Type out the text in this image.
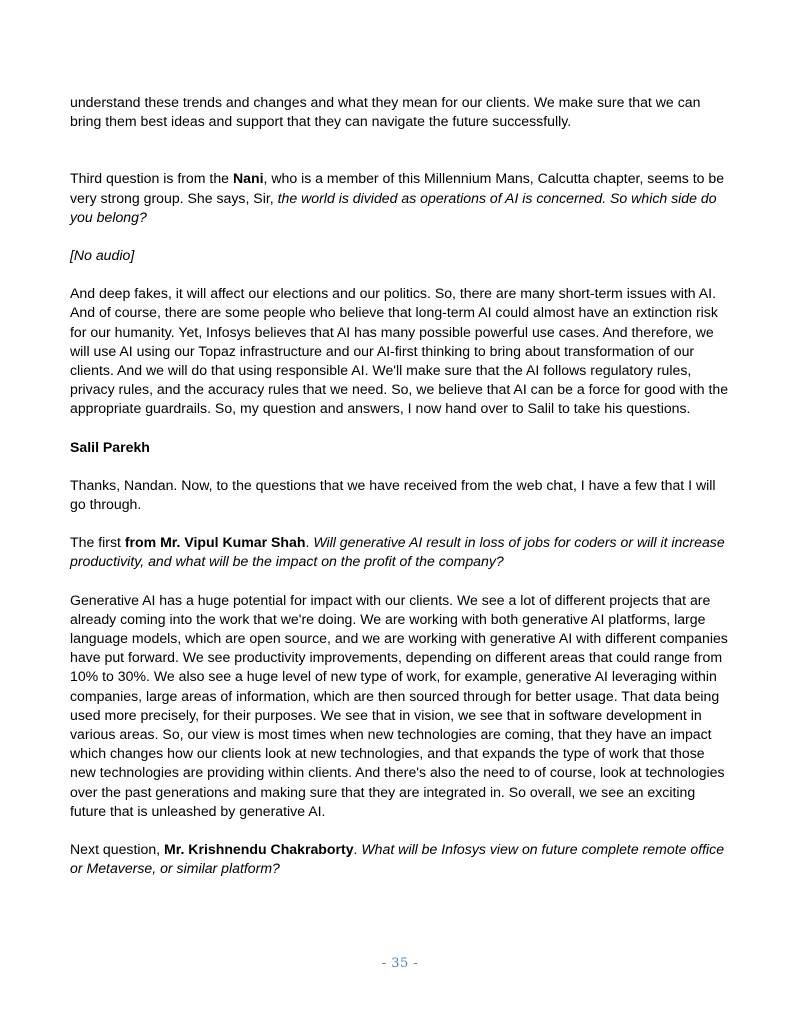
understand these trends and changes and what they mean for our clients. We make sure that we can bring them best ideas and support that they can navigate the future successfully.

Third question is from the Nani, who is a member of this Millennium Mans, Calcutta chapter, seems to be very strong group. She says, Sir, the world is divided as operations of AI is concerned. So which side do you belong?

[No audio]

And deep fakes, it will affect our elections and our politics. So, there are many short-term issues with AI. And of course, there are some people who believe that long-term AI could almost have an extinction risk for our humanity. Yet, Infosys believes that AI has many possible powerful use cases. And therefore, we will use AI using our Topaz infrastructure and our AI-first thinking to bring about transformation of our clients. And we will do that using responsible AI. We'll make sure that the AI follows regulatory rules, privacy rules, and the accuracy rules that we need. So, we believe that AI can be a force for good with the appropriate guardrails. So, my question and answers, I now hand over to Salil to take his questions.

Salil Parekh

Thanks, Nandan. Now, to the questions that we have received from the web chat, I have a few that I will go through.

The first from Mr. Vipul Kumar Shah. Will generative AI result in loss of jobs for coders or will it increase productivity, and what will be the impact on the profit of the company?

Generative AI has a huge potential for impact with our clients. We see a lot of different projects that are already coming into the work that we're doing. We are working with both generative AI platforms, large language models, which are open source, and we are working with generative AI with different companies have put forward. We see productivity improvements, depending on different areas that could range from 10% to 30%. We also see a huge level of new type of work, for example, generative AI leveraging within companies, large areas of information, which are then sourced through for better usage. That data being used more precisely, for their purposes. We see that in vision, we see that in software development in various areas. So, our view is most times when new technologies are coming, that they have an impact which changes how our clients look at new technologies, and that expands the type of work that those new technologies are providing within clients. And there's also the need to of course, look at technologies over the past generations and making sure that they are integrated in. So overall, we see an exciting future that is unleashed by generative AI.

Next question, Mr. Krishnendu Chakraborty. What will be Infosys view on future complete remote office or Metaverse, or similar platform?

- 35 -
